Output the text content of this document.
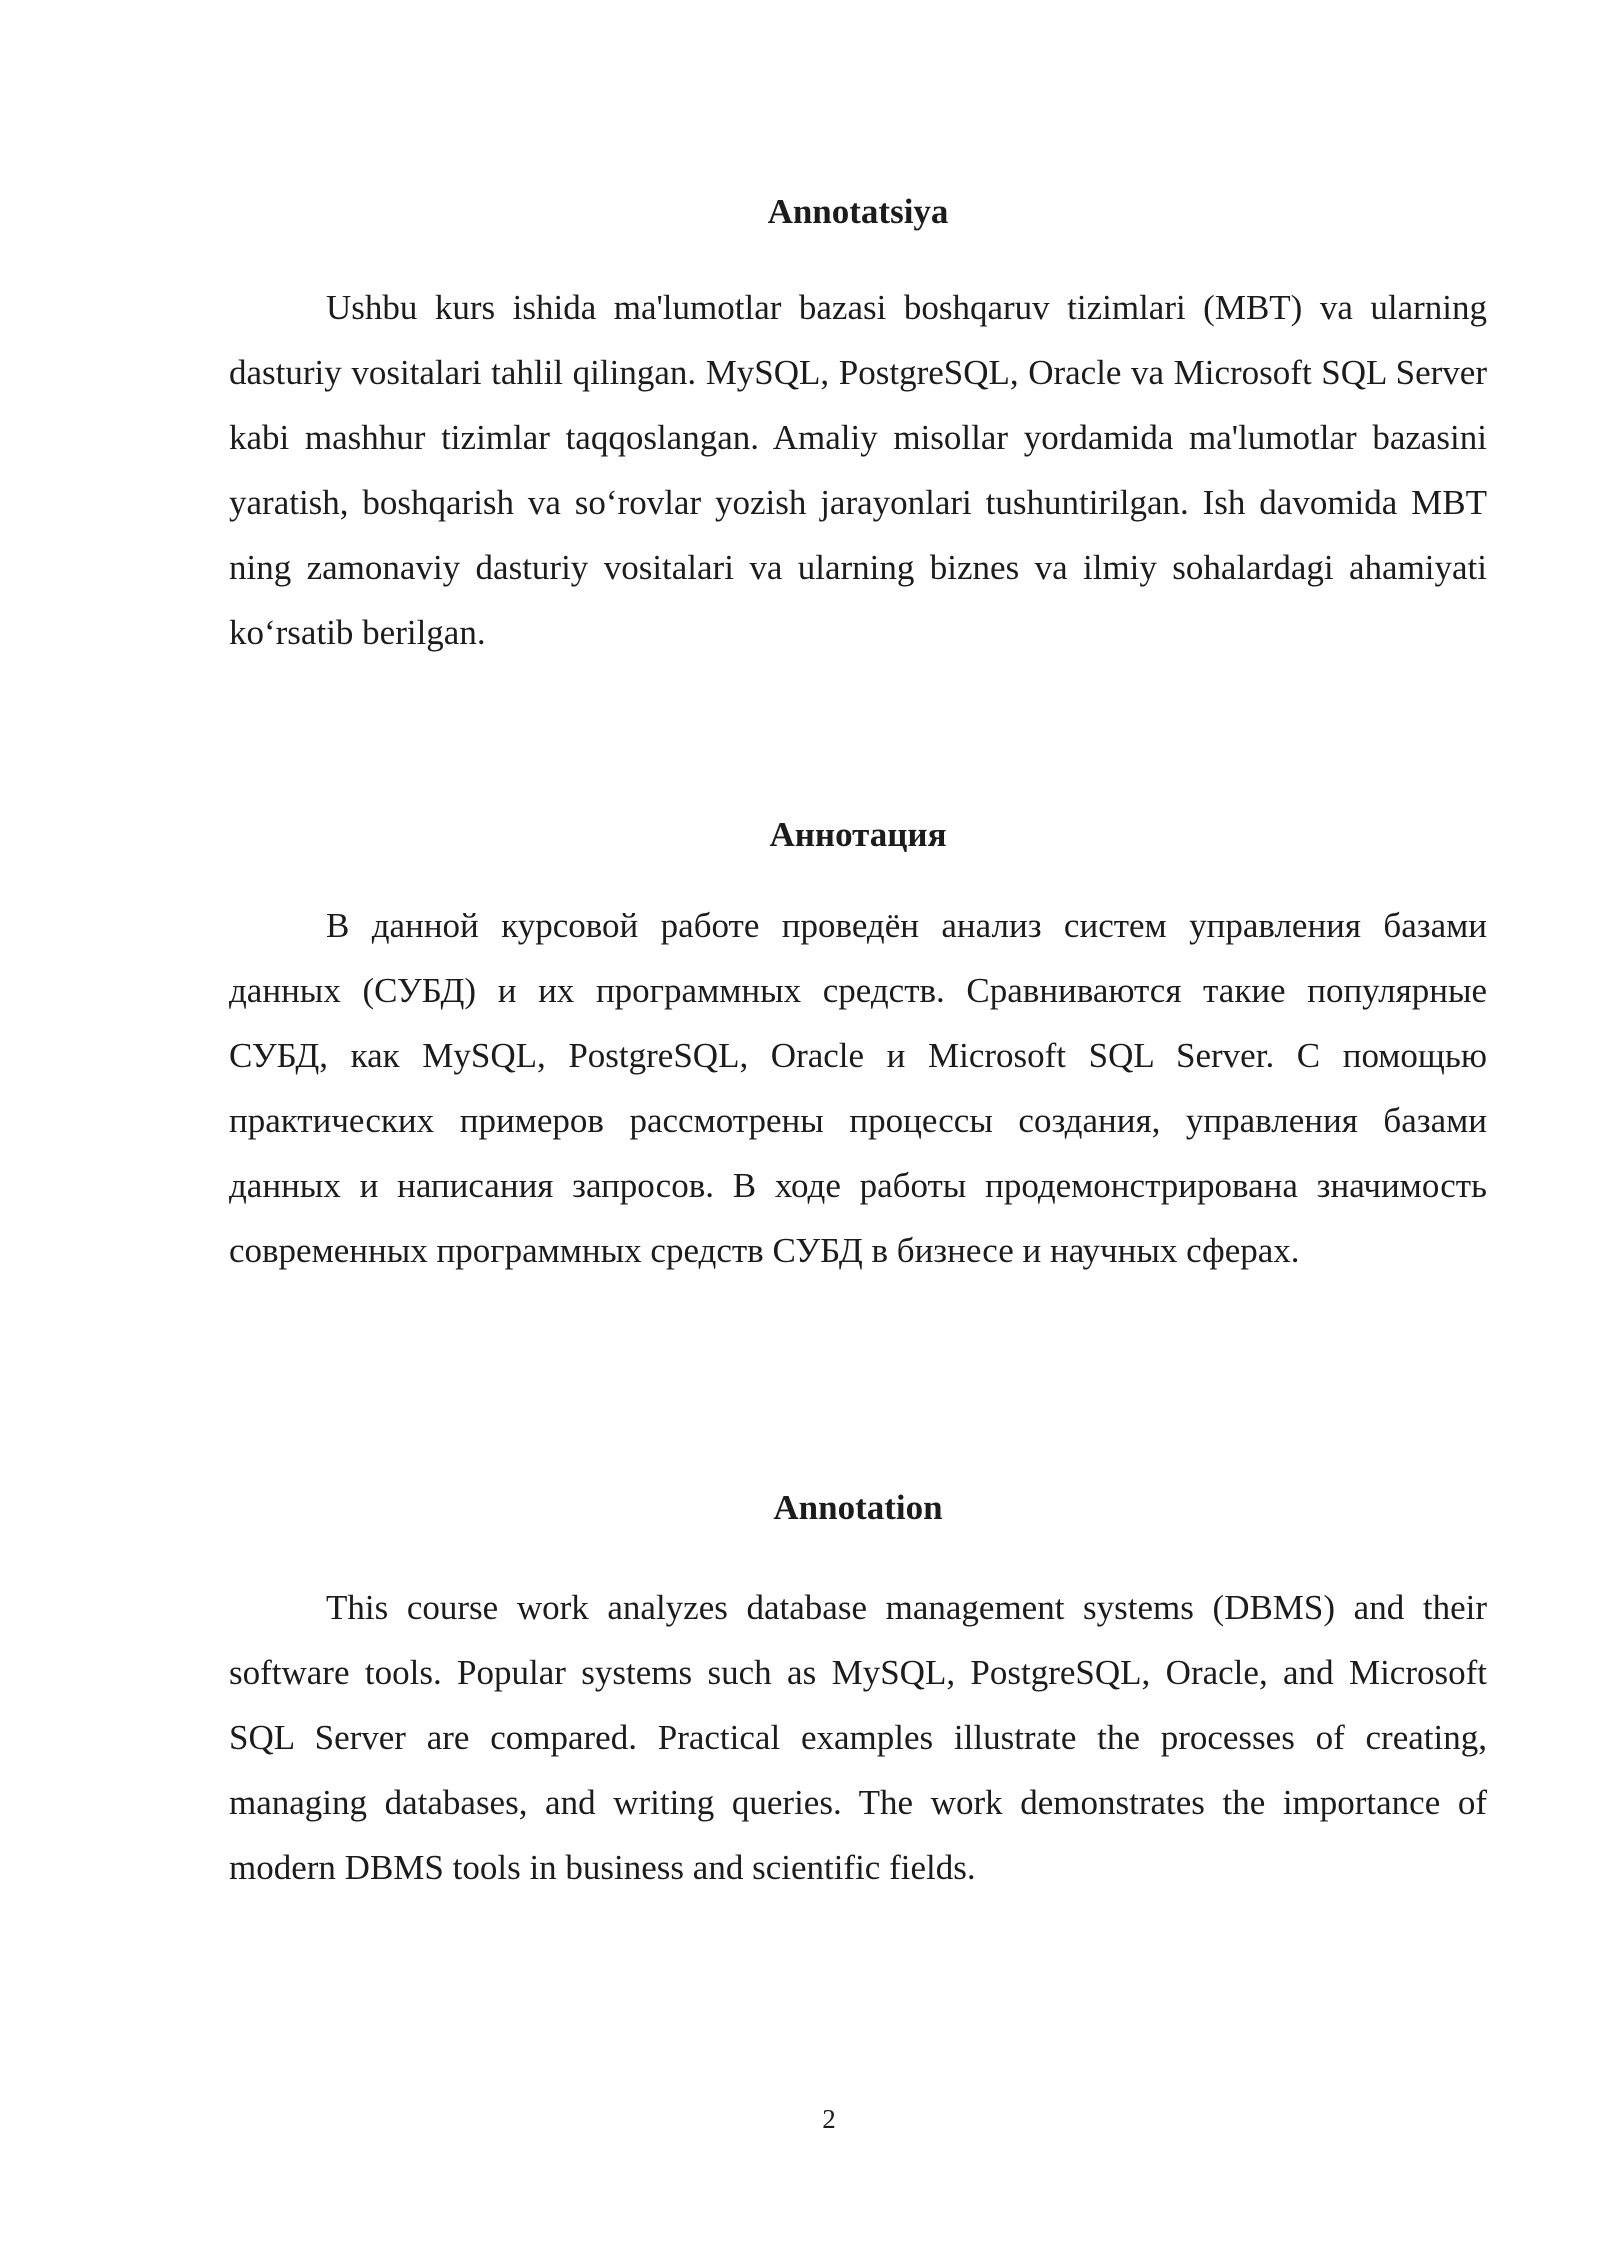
Annotatsiya

Ushbu kurs ishida ma'lumotlar bazasi boshqaruv tizimlari (MBT) va ularning dasturiy vositalari tahlil qilingan. MySQL, PostgreSQL, Oracle va Microsoft SQL Server kabi mashhur tizimlar taqqoslangan. Amaliy misollar yordamida ma'lumotlar bazasini yaratish, boshqarish va so‘rovlar yozish jarayonlari tushuntirilgan. Ish davomida MBT ning zamonaviy dasturiy vositalari va ularning biznes va ilmiy sohalardagi ahamiyati ko‘rsatib berilgan.

Аннотация

В данной курсовой работе проведён анализ систем управления базами данных (СУБД) и их программных средств. Сравниваются такие популярные СУБД, как MySQL, PostgreSQL, Oracle и Microsoft SQL Server. С помощью практических примеров рассмотрены процессы создания, управления базами данных и написания запросов. В ходе работы продемонстрирована значимость современных программных средств СУБД в бизнесе и научных сферах.

Annotation

This course work analyzes database management systems (DBMS) and their software tools. Popular systems such as MySQL, PostgreSQL, Oracle, and Microsoft SQL Server are compared. Practical examples illustrate the processes of creating, managing databases, and writing queries. The work demonstrates the importance of modern DBMS tools in business and scientific fields.

2
